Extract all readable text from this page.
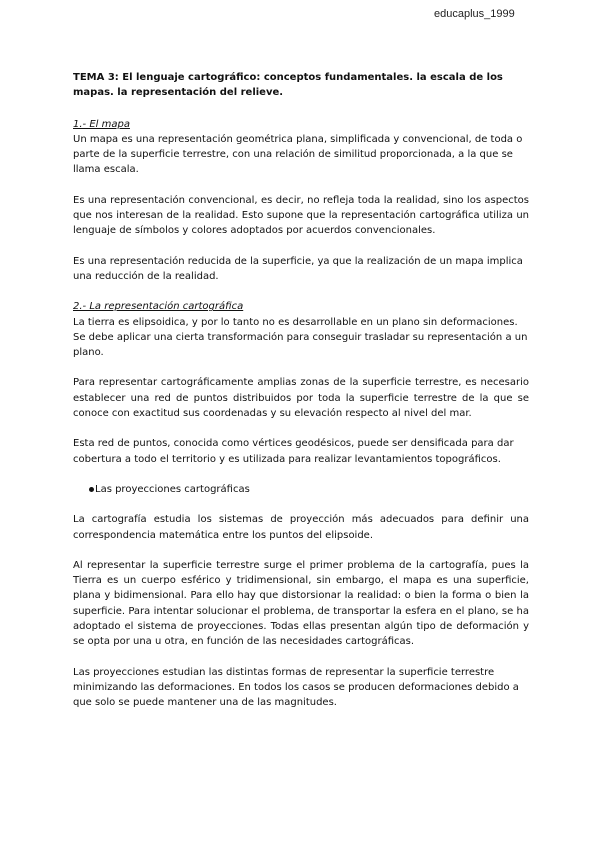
educaplus_1999
TEMA 3: El lenguaje cartográfico: conceptos fundamentales. la escala de los mapas. la representación del relieve.
1.- El mapa

Un mapa es una representación geométrica plana, simplificada y convencional, de toda o parte de la superficie terrestre, con una relación de similitud proporcionada, a la que se llama escala.

Es una representación convencional, es decir, no refleja toda la realidad, sino los aspectos que nos interesan de la realidad. Esto supone que la representación cartográfica utiliza un lenguaje de símbolos y colores adoptados por acuerdos convencionales.

Es una representación reducida de la superficie, ya que la realización de un mapa implica una reducción de la realidad.

2.- La representación cartográfica

La tierra es elipsoidica, y por lo tanto no es desarrollable en un plano sin deformaciones. Se debe aplicar una cierta transformación para conseguir trasladar su representación a un plano.

Para representar cartográficamente amplias zonas de la superficie terrestre, es necesario establecer una red de puntos distribuidos por toda la superficie terrestre de la que se conoce con exactitud sus coordenadas y su elevación respecto al nivel del mar.

Esta red de puntos, conocida como vértices geodésicos, puede ser densificada para dar cobertura a todo el territorio y es utilizada para realizar levantamientos topográficos.

Las proyecciones cartográficas

La cartografía estudia los sistemas de proyección más adecuados para definir una correspondencia matemática entre los puntos del elipsoide.

Al representar la superficie terrestre surge el primer problema de la cartografía, pues la Tierra es un cuerpo esférico y tridimensional, sin embargo, el mapa es una superficie, plana y bidimensional. Para ello hay que distorsionar la realidad: o bien la forma o bien la superficie. Para intentar solucionar el problema, de transportar la esfera en el plano, se ha adoptado el sistema de proyecciones. Todas ellas presentan algún tipo de deformación y se opta por una u otra, en función de las necesidades cartográficas.

Las proyecciones estudian las distintas formas de representar la superficie terrestre minimizando las deformaciones. En todos los casos se producen deformaciones debido a que solo se puede mantener una de las magnitudes.
